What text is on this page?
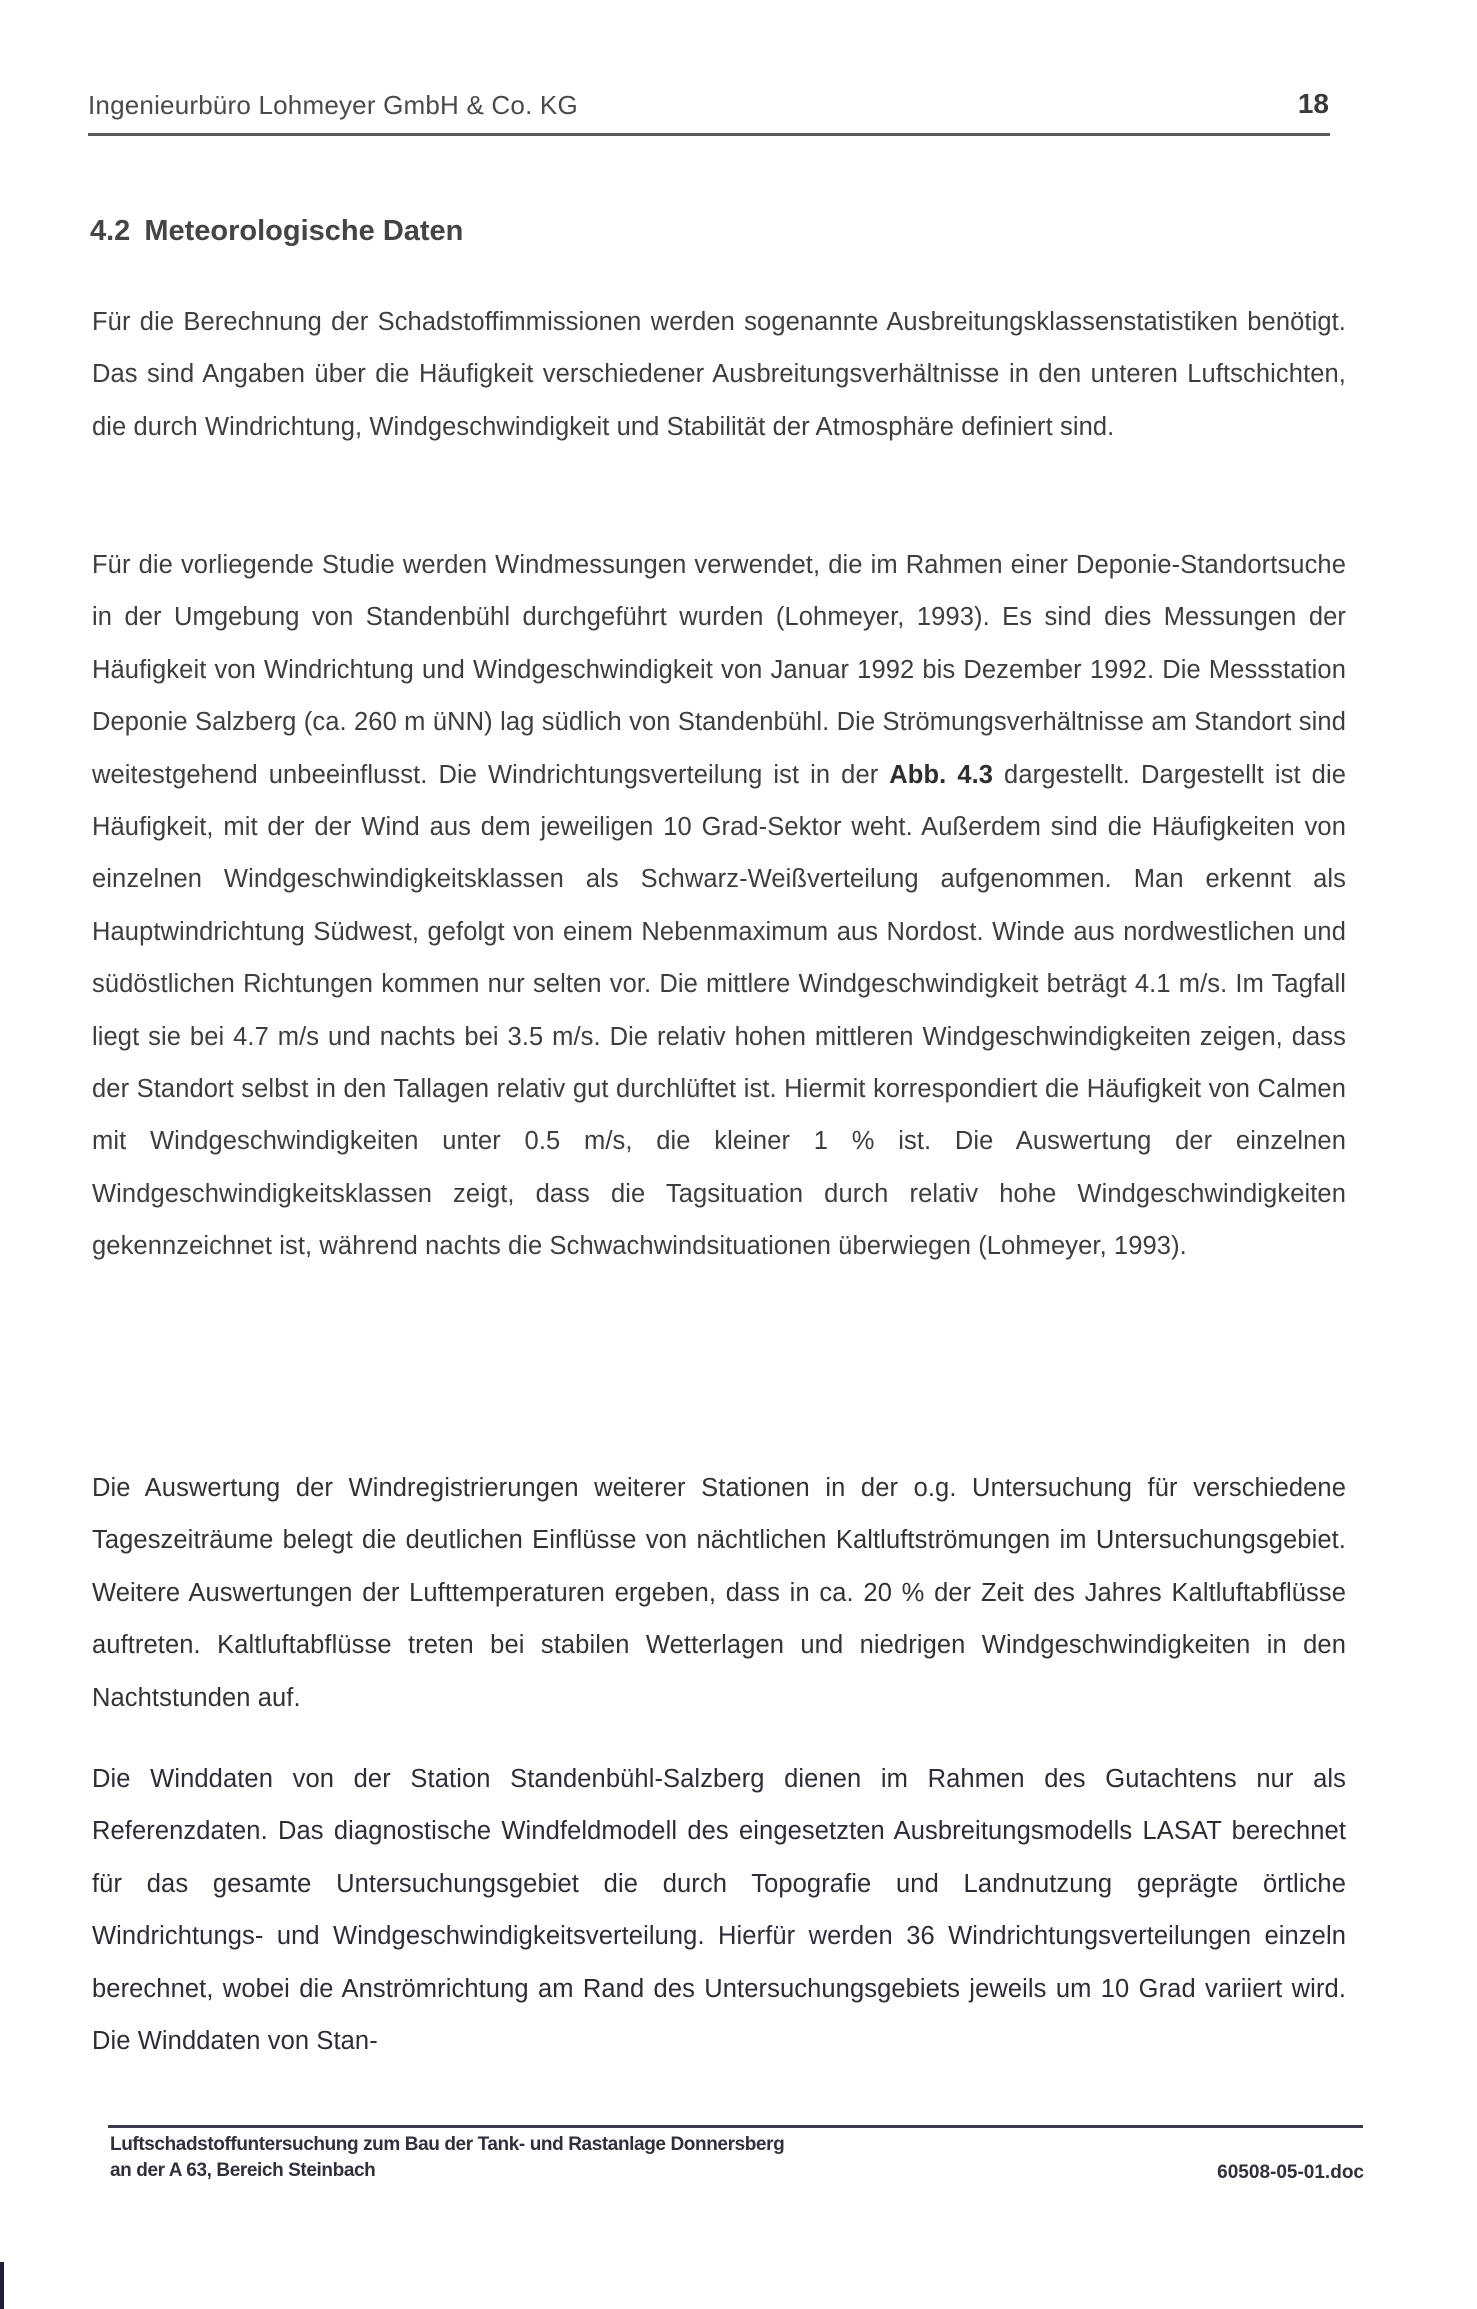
Ingenieurbüro Lohmeyer GmbH & Co. KG	18
4.2 Meteorologische Daten
Für die Berechnung der Schadstoffimmissionen werden sogenannte Ausbreitungsklassenstatistiken benötigt. Das sind Angaben über die Häufigkeit verschiedener Ausbreitungsverhältnisse in den unteren Luftschichten, die durch Windrichtung, Windgeschwindigkeit und Stabilität der Atmosphäre definiert sind.
Für die vorliegende Studie werden Windmessungen verwendet, die im Rahmen einer Deponie-Standortsuche in der Umgebung von Standenbühl durchgeführt wurden (Lohmeyer, 1993). Es sind dies Messungen der Häufigkeit von Windrichtung und Windgeschwindigkeit von Januar 1992 bis Dezember 1992. Die Messstation Deponie Salzberg (ca. 260 m üNN) lag südlich von Standenbühl. Die Strömungsverhältnisse am Standort sind weitestgehend unbeeinflusst. Die Windrichtungsverteilung ist in der Abb. 4.3 dargestellt. Dargestellt ist die Häufigkeit, mit der der Wind aus dem jeweiligen 10 Grad-Sektor weht. Außerdem sind die Häufigkeiten von einzelnen Windgeschwindigkeitsklassen als Schwarz-Weißverteilung aufgenommen. Man erkennt als Hauptwindrichtung Südwest, gefolgt von einem Nebenmaximum aus Nordost. Winde aus nordwestlichen und südöstlichen Richtungen kommen nur selten vor. Die mittlere Windgeschwindigkeit beträgt 4.1 m/s. Im Tagfall liegt sie bei 4.7 m/s und nachts bei 3.5 m/s. Die relativ hohen mittleren Windgeschwindigkeiten zeigen, dass der Standort selbst in den Tallagen relativ gut durchlüftet ist. Hiermit korrespondiert die Häufigkeit von Calmen mit Windgeschwindigkeiten unter 0.5 m/s, die kleiner 1 % ist. Die Auswertung der einzelnen Windgeschwindigkeitsklassen zeigt, dass die Tagsituation durch relativ hohe Windgeschwindigkeiten gekennzeichnet ist, während nachts die Schwachwindsituationen überwiegen (Lohmeyer, 1993).
Die Auswertung der Windregistrierungen weiterer Stationen in der o.g. Untersuchung für verschiedene Tageszeiträume belegt die deutlichen Einflüsse von nächtlichen Kaltluftströmungen im Untersuchungsgebiet. Weitere Auswertungen der Lufttemperaturen ergeben, dass in ca. 20 % der Zeit des Jahres Kaltluftabflüsse auftreten. Kaltluftabflüsse treten bei stabilen Wetterlagen und niedrigen Windgeschwindigkeiten in den Nachtstunden auf.
Die Winddaten von der Station Standenbühl-Salzberg dienen im Rahmen des Gutachtens nur als Referenzdaten. Das diagnostische Windfeldmodell des eingesetzten Ausbreitungsmodells LASAT berechnet für das gesamte Untersuchungsgebiet die durch Topografie und Landnutzung geprägte örtliche Windrichtungs- und Windgeschwindigkeitsverteilung. Hierfür werden 36 Windrichtungsverteilungen einzeln berechnet, wobei die Anströmrichtung am Rand des Untersuchungsgebiets jeweils um 10 Grad variiert wird. Die Winddaten von Stan-
Luftschadstoffuntersuchung zum Bau der Tank- und Rastanlage Donnersberg
an der A 63, Bereich Steinbach	60508-05-01.doc
